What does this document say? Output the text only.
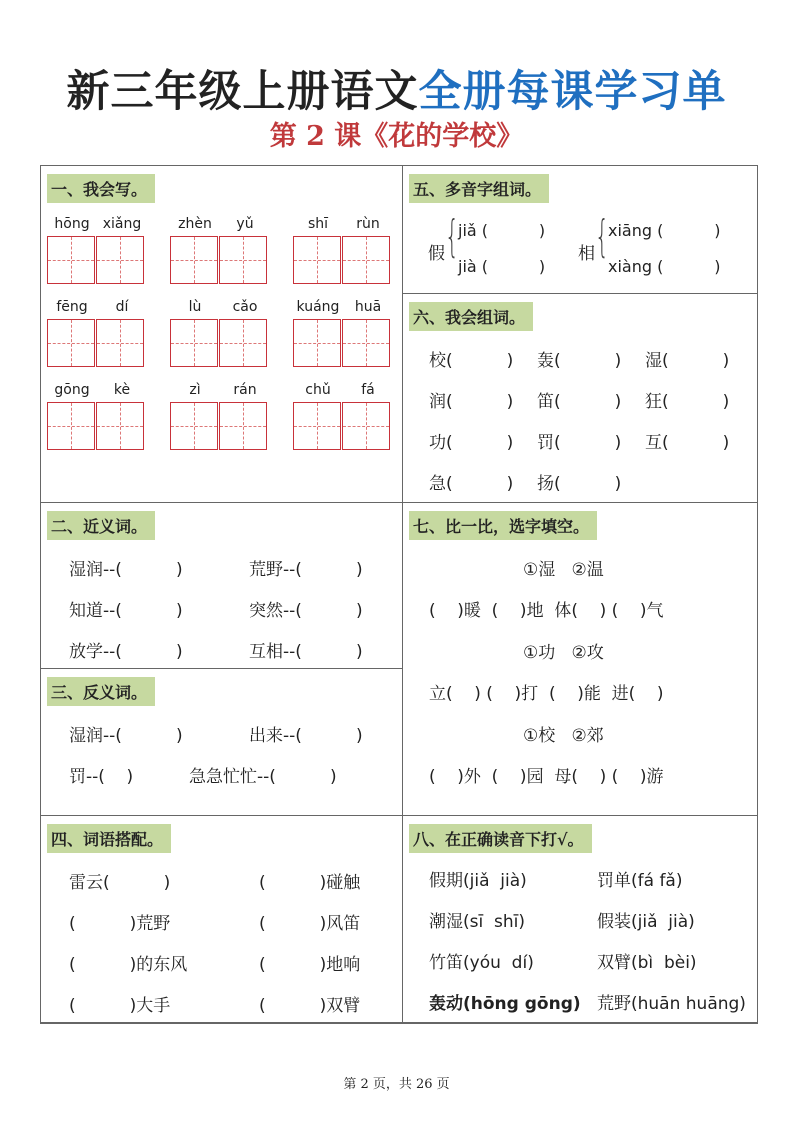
新三年级上册语文全册每课学习单
第 2 课《花的学校》
一、我会写。
hōng xiǎng	zhèn	yǔ	shī	rùn
fēng	dí	lù	cǎo	kuáng	huā
gōng	kè	zì	rán	chǔ	fá
二、近义词。
湿润--(          )	荒野--(          )
知道--(          )	突然--(          )
放学--(          )	互相--(          )
三、反义词。
湿润--(          )	出来--(          )
罚--(    )	急急忙忙--(          )
四、词语搭配。
雷云(          )	(          )碰触
(          )荒野	(          )风笛
(          )的东风	(          )地响
(          )大手	(          )双臂
五、多音字组词。
假 { jiǎ (          )
jià (          )
相 { xiāng (          )
xiàng (          )
六、我会组词。
校(          ) 轰(          ) 湿(          )
润(          ) 笛(          ) 狂(          )
功(          ) 罚(          ) 互(          )
急(          ) 扬(          )
七、比一比，选字填空。
①湿   ②温
(    )暖  (    )地  体(    ) (    )气
①功   ②攻
立(    ) (    )打  (    )能  进(    )
①校   ②郊
(    )外  (    )园  母(    ) (    )游
八、在正确读音下打√。
假期(jiǎ  jià)	罚单(fá fǎ)
潮湿(sī  shī)	假装(jiǎ  jià)
竹笛(yóu  dí)	双臂(bì  bèi)
轰动(hōng gōng) 荒野(huān huāng)
第 2 页，共 26 页
